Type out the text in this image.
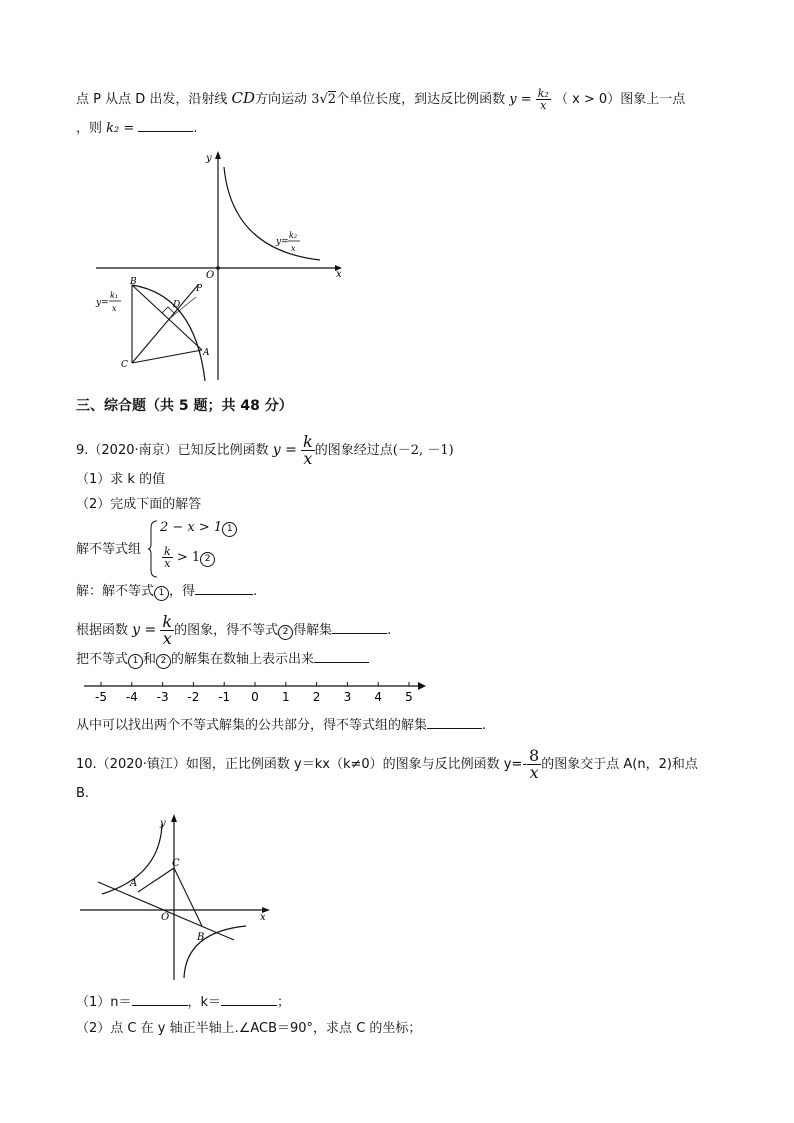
点 P 从点 D 出发，沿射线 CD方向运动 3√2个单位长度，到达反比例函数 $y = \frac{\text{k₂}}{x}$ （ x > 0）图象上一点
，则 k₂ =	.
y
x
O
y=
k₂
x
y=
k₁
x
B
C
A
D
P
三、综合题（共 5 题；共 48 分）
9.（2020·南京）已知反比例函数 $y = \frac{k}{x}$ 的图象经过点(－2, －1)
（1）求 k 的值
（2）完成下面的解答
解不等式组
2 − x > 1 1
$\frac{k}{x} > 1$ 2
解：解不等式 1 ，得	.
根据函数 $y = \frac{k}{x}$ 的图象，得不等式 2 得解集	.
把不等式 1 和 2 的解集在数轴上表示出来
-5 -4 -3 -2 -1 0 1 2 3 4 5
从中可以找出两个不等式解集的公共部分，得不等式组的解集	.
10.（2020·镇江）如图，正比例函数 y＝kx（k≠0）的图象与反比例函数 $y=- \frac{8}{x}$ 的图象交于点 A(n，2)和点
B.
y
x
O
A
C
B
（1）n＝	，k＝	；
（2）点 C 在 y 轴正半轴上.∠ACB＝90°，求点 C 的坐标；
